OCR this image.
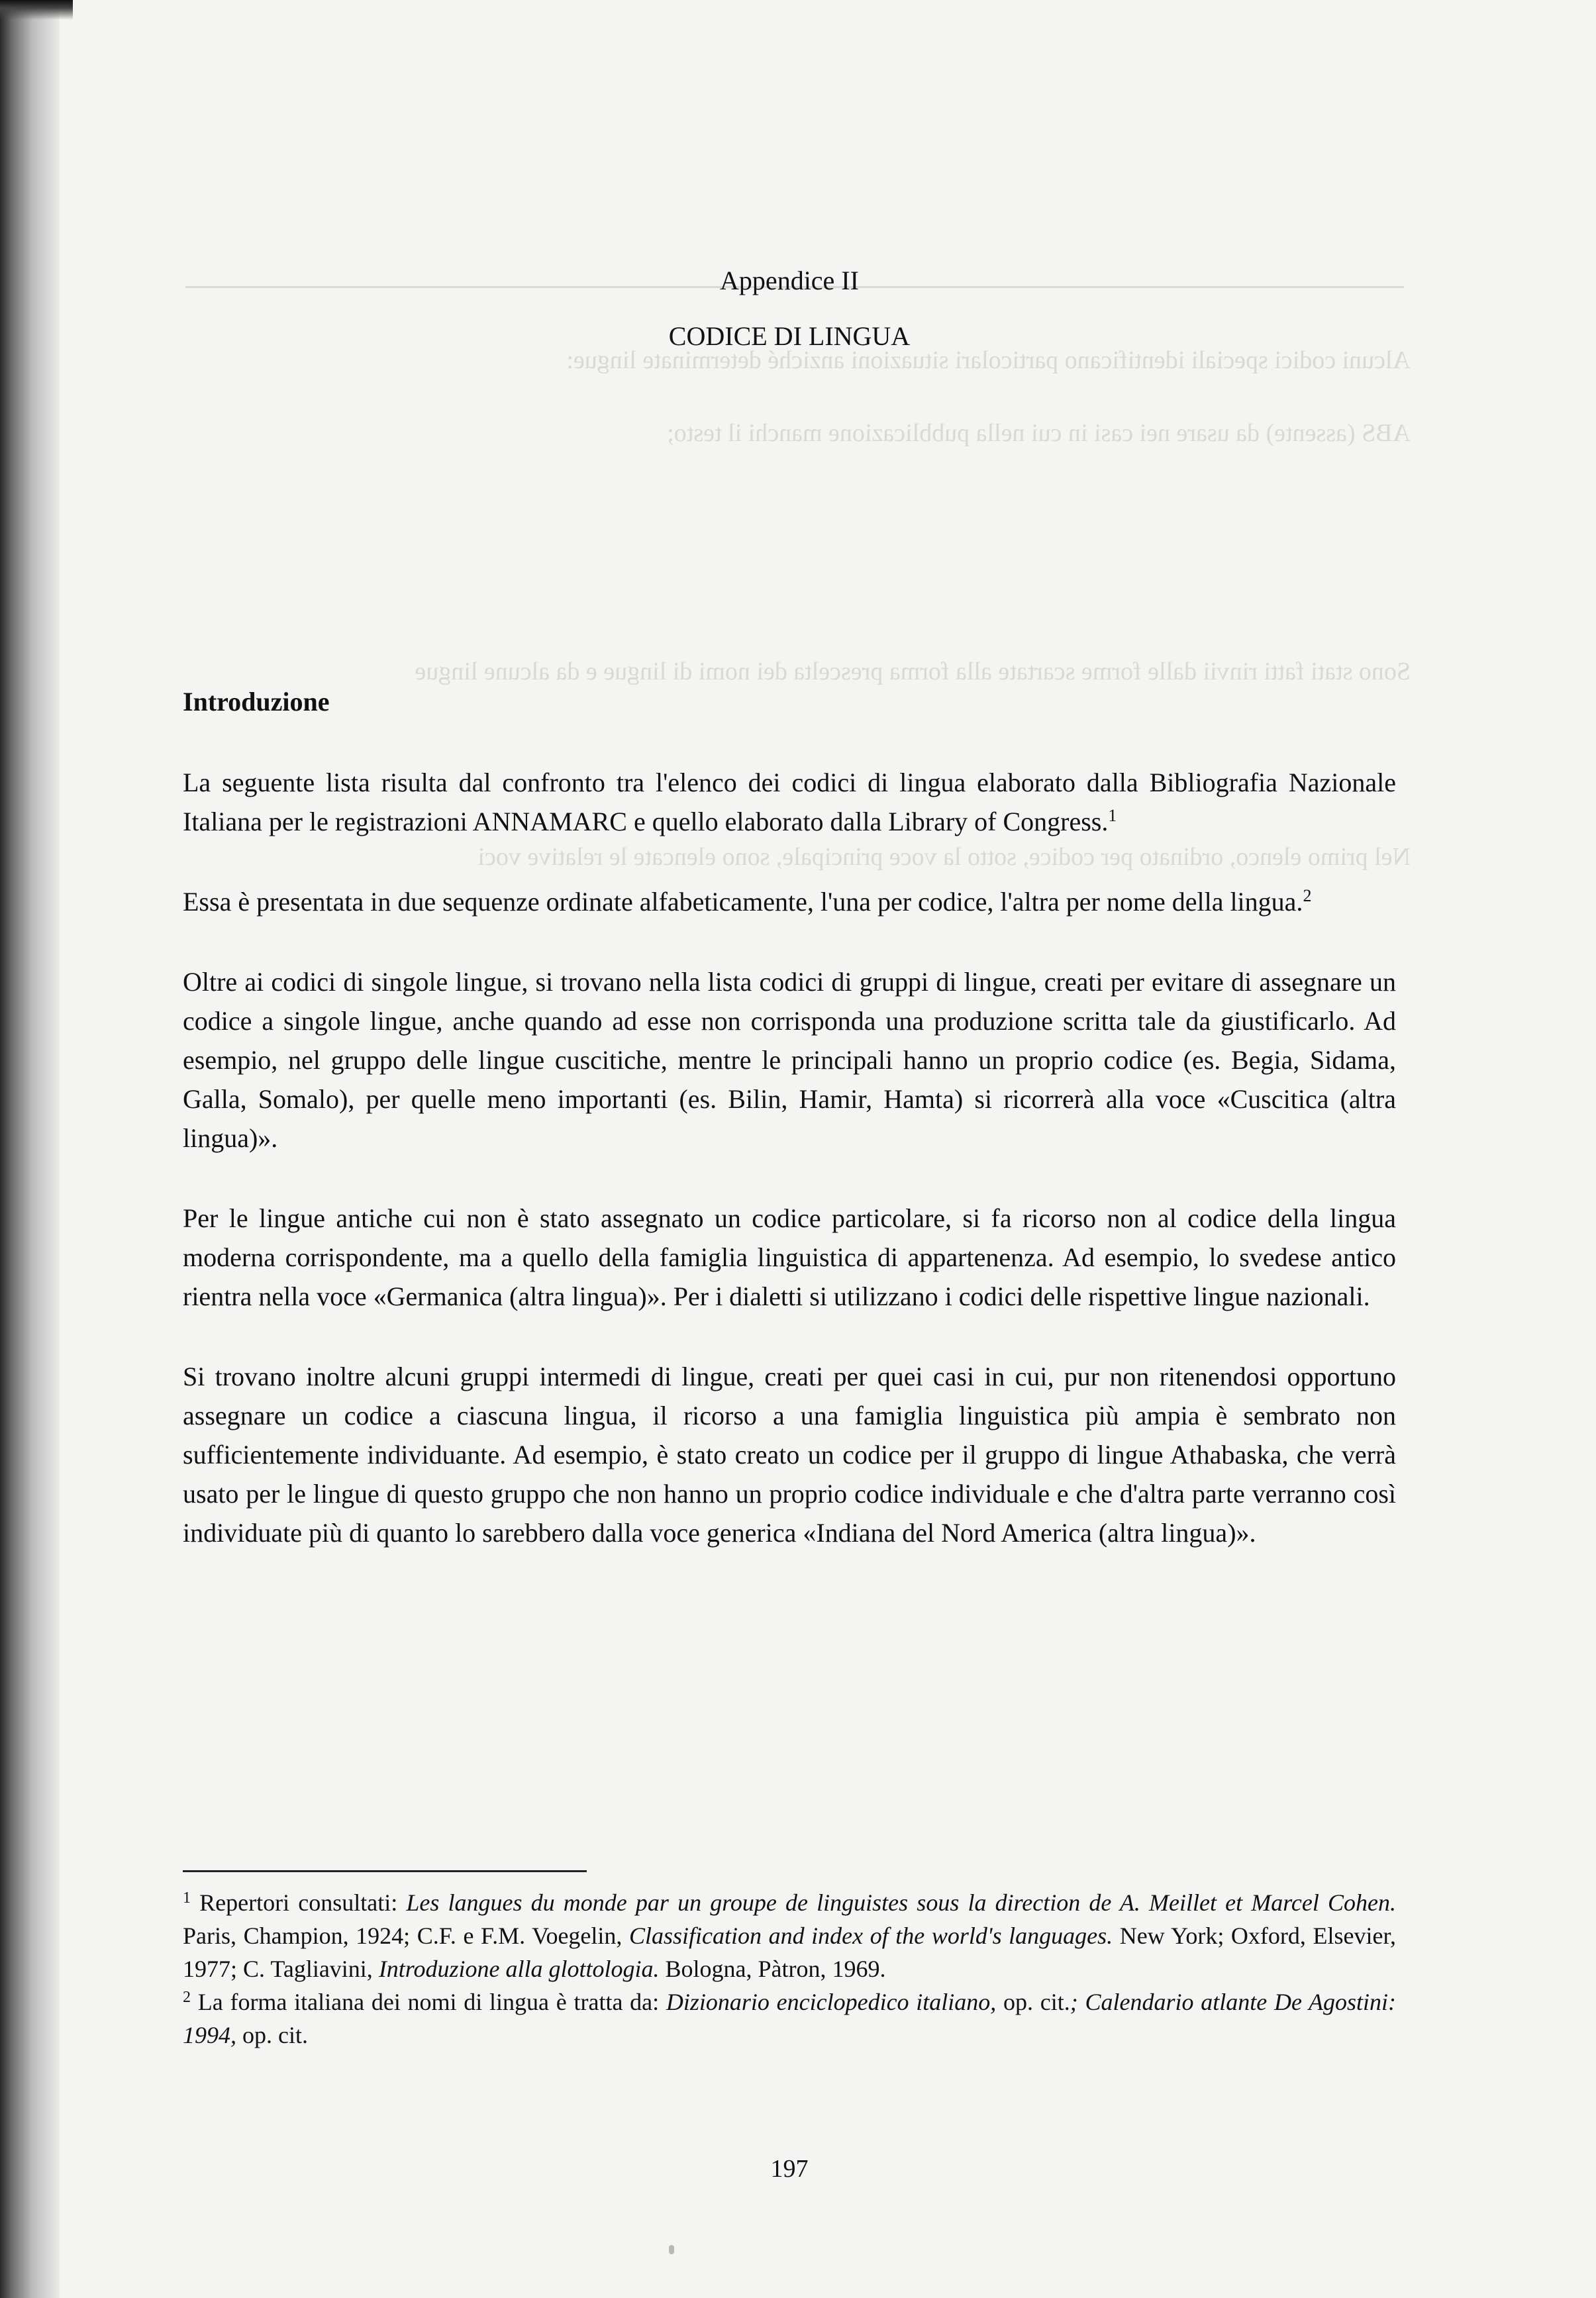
Alcuni codici speciali identificano particolari situazioni anziché determinate lingue:
ABS (assente) da usare nei casi in cui nella pubblicazione manchi il testo;
Sono stati fatti rinvii dalle forme scartate alla forma prescelta dei nomi di lingue e da alcune lingue
Nel primo elenco, ordinato per codice, sotto la voce principale, sono elencate le relative voci
Appendice II
CODICE DI LINGUA
Introduzione

La seguente lista risulta dal confronto tra l'elenco dei codici di lingua elaborato dalla Bibliografia Nazionale Italiana per le registrazioni ANNAMARC e quello elaborato dalla Library of Congress.$^1$

Essa è presentata in due sequenze ordinate alfabeticamente, l'una per codice, l'altra per nome della lingua.$^2$

Oltre ai codici di singole lingue, si trovano nella lista codici di gruppi di lingue, creati per evitare di assegnare un codice a singole lingue, anche quando ad esse non corrisponda una produzione scritta tale da giustificarlo. Ad esempio, nel gruppo delle lingue cuscitiche, mentre le principali hanno un proprio codice (es. Begia, Sidama, Galla, Somalo), per quelle meno importanti (es. Bilin, Hamir, Hamta) si ricorrerà alla voce «Cuscitica (altra lingua)».

Per le lingue antiche cui non è stato assegnato un codice particolare, si fa ricorso non al codice della lingua moderna corrispondente, ma a quello della famiglia linguistica di appartenenza. Ad esempio, lo svedese antico rientra nella voce «Germanica (altra lingua)». Per i dialetti si utilizzano i codici delle rispettive lingue nazionali.

Si trovano inoltre alcuni gruppi intermedi di lingue, creati per quei casi in cui, pur non ritenendosi opportuno assegnare un codice a ciascuna lingua, il ricorso a una famiglia linguistica più ampia è sembrato non sufficientemente individuante. Ad esempio, è stato creato un codice per il gruppo di lingue Athabaska, che verrà usato per le lingue di questo gruppo che non hanno un proprio codice individuale e che d'altra parte verranno così individuate più di quanto lo sarebbero dalla voce generica «Indiana del Nord America (altra lingua)».

$^1$ Repertori consultati: Les langues du monde par un groupe de linguistes sous la direction de A. Meillet et Marcel Cohen. Paris, Champion, 1924; C.F. e F.M. Voegelin, Classification and index of the world's languages. New York; Oxford, Elsevier, 1977; C. Tagliavini, Introduzione alla glottologia. Bologna, Pàtron, 1969.

$^2$ La forma italiana dei nomi di lingua è tratta da: Dizionario enciclopedico italiano, op. cit.; Calendario atlante De Agostini: 1994, op. cit.

197
